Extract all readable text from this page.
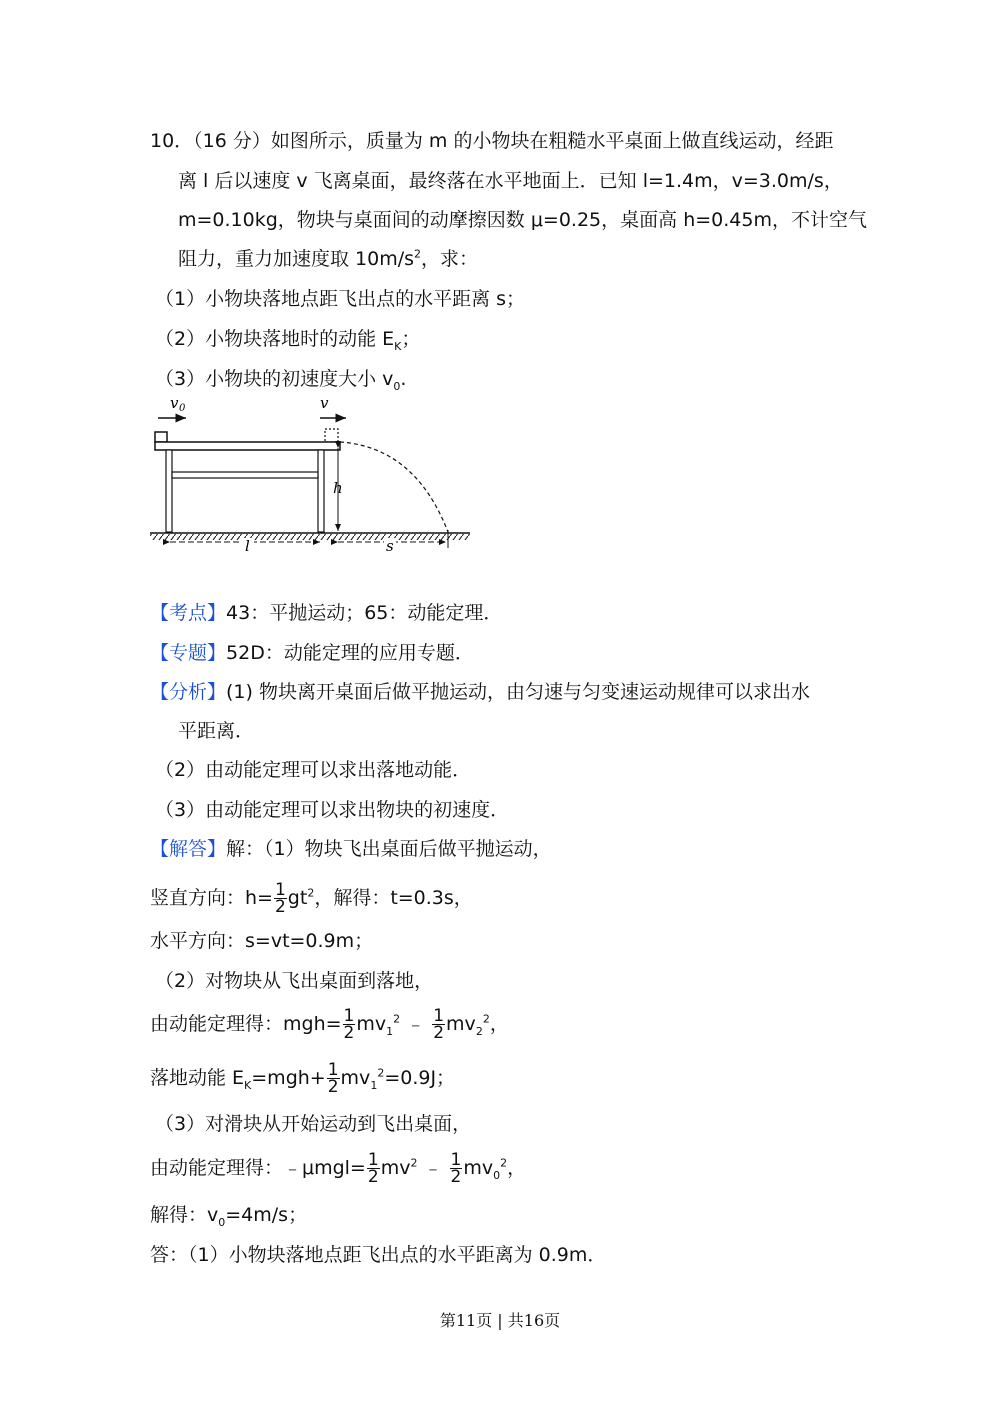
10．（16 分）如图所示，质量为 m 的小物块在粗糙水平桌面上做直线运动，经距
离 l 后以速度 v 飞离桌面，最终落在水平地面上．已知 l=1.4m，v=3.0m/s，
m=0.10kg，物块与桌面间的动摩擦因数 μ=0.25，桌面高 h=0.45m，不计空气
阻力，重力加速度取 $10m/s^2$，求：
（1）小物块落地点距飞出点的水平距离 s；
（2）小物块落地时的动能 $E_K$；
（3）小物块的初速度大小 $v_0$.
v 0	v
h
l	s
【考点】43：平抛运动；65：动能定理．
【专题】52D：动能定理的应用专题．
【分析】(1) 物块离开桌面后做平抛运动，由匀速与匀变速运动规律可以求出水
平距离．
（2）由动能定理可以求出落地动能．
（3）由动能定理可以求出物块的初速度．
【解答】解：（1）物块飞出桌面后做平抛运动，
竖直方向：$h= \frac{1}{2} gt^2$，解得：t=0.3s，
水平方向：s=vt=0.9m；
（2）对物块从飞出桌面到落地，
由动能定理得：$mgh= \frac{1}{2} mv_1^2$ ﹣ $\frac{1}{2} mv_2^2$，
落地动能 $E_K=mgh+ \frac{1}{2} mv_1^2=0.9J$；
（3）对滑块从开始运动到飞出桌面，
由动能定理得：﹣μmgl= $\frac{1}{2} mv^2$ ﹣ $\frac{1}{2} mv_0^2$，
解得：$v_0=4m/s$；
答：（1）小物块落地点距飞出点的水平距离为 0.9m．
第11页 | 共16页
